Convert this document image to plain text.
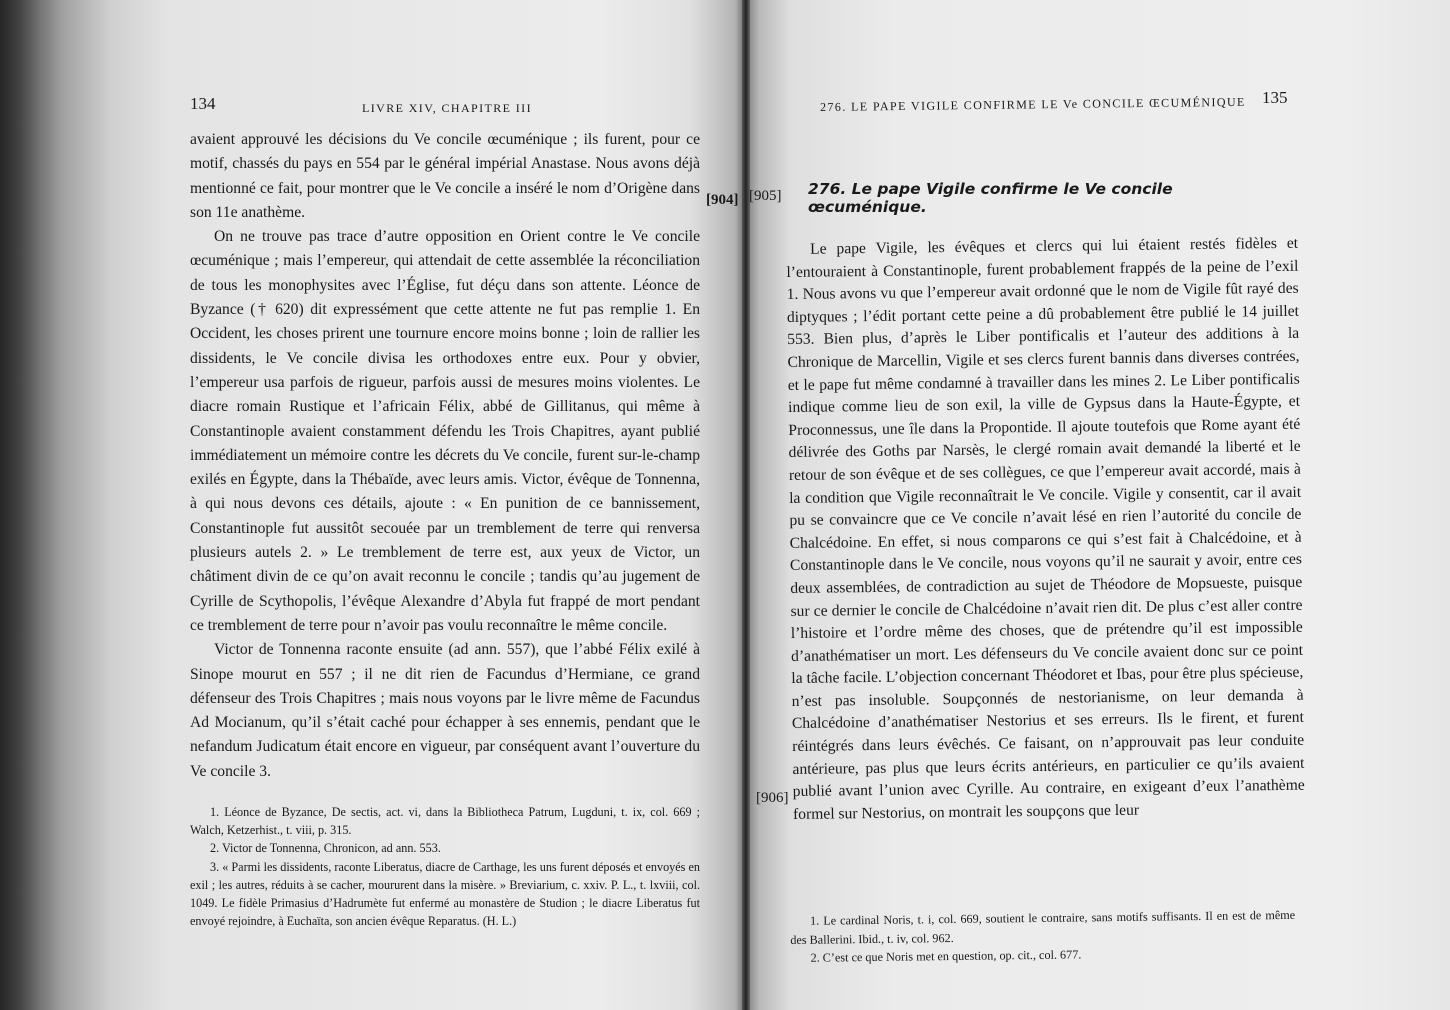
134	LIVRE XIV, CHAPITRE III

avaient approuvé les décisions du Ve concile œcuménique ; ils furent, pour ce motif, chassés du pays en 554 par le général impérial Anastase. Nous avons déjà mentionné ce fait, pour montrer que le Ve concile a inséré le nom d’Origène dans son 11e anathème.

On ne trouve pas trace d’autre opposition en Orient contre le Ve concile œcuménique ; mais l’empereur, qui attendait de cette assemblée la réconciliation de tous les monophysites avec l’Église, fut déçu dans son attente. Léonce de Byzance († 620) dit expressément que cette attente ne fut pas remplie 1. En Occident, les choses prirent une tournure encore moins bonne ; loin de rallier les dissidents, le Ve concile divisa les orthodoxes entre eux. Pour y obvier, l’empereur usa parfois de rigueur, parfois aussi de mesures moins violentes. Le diacre romain Rustique et l’africain Félix, abbé de Gillitanus, qui même à Constantinople avaient constamment défendu les Trois Chapitres, ayant publié immédiatement un mémoire contre les décrets du Ve concile, furent sur-le-champ exilés en Égypte, dans la Thébaïde, avec leurs amis. Victor, évêque de Tonnenna, à qui nous devons ces détails, ajoute : « En punition de ce bannissement, Constantinople fut aussitôt secouée par un tremblement de terre qui renversa plusieurs autels 2. » Le tremblement de terre est, aux yeux de Victor, un châtiment divin de ce qu’on avait reconnu le concile ; tandis qu’au jugement de Cyrille de Scythopolis, l’évêque Alexandre d’Abyla fut frappé de mort pendant ce tremblement de terre pour n’avoir pas voulu reconnaître le même concile.

Victor de Tonnenna raconte ensuite (ad ann. 557), que l’abbé Félix exilé à Sinope mourut en 557 ; il ne dit rien de Facundus d’Hermiane, ce grand défenseur des Trois Chapitres ; mais nous voyons par le livre même de Facundus Ad Mocianum, qu’il s’était caché pour échapper à ses ennemis, pendant que le nefandum Judicatum était encore en vigueur, par conséquent avant l’ouverture du Ve concile 3.

1. Léonce de Byzance, De sectis, act. vi, dans la Bibliotheca Patrum, Lugduni, t. ix, col. 669 ; Walch, Ketzerhist., t. viii, p. 315.

2. Victor de Tonnenna, Chronicon, ad ann. 553.

3. « Parmi les dissidents, raconte Liberatus, diacre de Carthage, les uns furent déposés et envoyés en exil ; les autres, réduits à se cacher, moururent dans la misère. » Breviarium, c. xxiv. P. L., t. lxviii, col. 1049. Le fidèle Primasius d’Hadrumète fut enfermé au monastère de Studion ; le diacre Liberatus fut envoyé rejoindre, à Euchaïta, son ancien évêque Reparatus. (H. L.)

[904] [905]
[906]
276. LE PAPE VIGILE CONFIRME LE Ve CONCILE ŒCUMÉNIQUE 135
276. Le pape Vigile confirme le Ve concile œcuménique.

Le pape Vigile, les évêques et clercs qui lui étaient restés fidèles et l’entouraient à Constantinople, furent probablement frappés de la peine de l’exil 1. Nous avons vu que l’empereur avait ordonné que le nom de Vigile fût rayé des diptyques ; l’édit portant cette peine a dû probablement être publié le 14 juillet 553. Bien plus, d’après le Liber pontificalis et l’auteur des additions à la Chronique de Marcellin, Vigile et ses clercs furent bannis dans diverses contrées, et le pape fut même condamné à travailler dans les mines 2. Le Liber pontificalis indique comme lieu de son exil, la ville de Gypsus dans la Haute-Égypte, et Proconnessus, une île dans la Propontide. Il ajoute toutefois que Rome ayant été délivrée des Goths par Narsès, le clergé romain avait demandé la liberté et le retour de son évêque et de ses collègues, ce que l’empereur avait accordé, mais à la condition que Vigile reconnaîtrait le Ve concile. Vigile y consentit, car il avait pu se convaincre que ce Ve concile n’avait lésé en rien l’autorité du concile de Chalcédoine. En effet, si nous comparons ce qui s’est fait à Chalcédoine, et à Constantinople dans le Ve concile, nous voyons qu’il ne saurait y avoir, entre ces deux assemblées, de contradiction au sujet de Théodore de Mopsueste, puisque sur ce dernier le concile de Chalcédoine n’avait rien dit. De plus c’est aller contre l’histoire et l’ordre même des choses, que de prétendre qu’il est impossible d’anathématiser un mort. Les défenseurs du Ve concile avaient donc sur ce point la tâche facile. L’objection concernant Théodoret et Ibas, pour être plus spécieuse, n’est pas insoluble. Soupçonnés de nestorianisme, on leur demanda à Chalcédoine d’anathématiser Nestorius et ses erreurs. Ils le firent, et furent réintégrés dans leurs évêchés. Ce faisant, on n’approuvait pas leur conduite antérieure, pas plus que leurs écrits antérieurs, en particulier ce qu’ils avaient publié avant l’union avec Cyrille. Au contraire, en exigeant d’eux l’anathème formel sur Nestorius, on montrait les soupçons que leur

1. Le cardinal Noris, t. i, col. 669, soutient le contraire, sans motifs suffisants. Il en est de même des Ballerini. Ibid., t. iv, col. 962.

2. C’est ce que Noris met en question, op. cit., col. 677.
